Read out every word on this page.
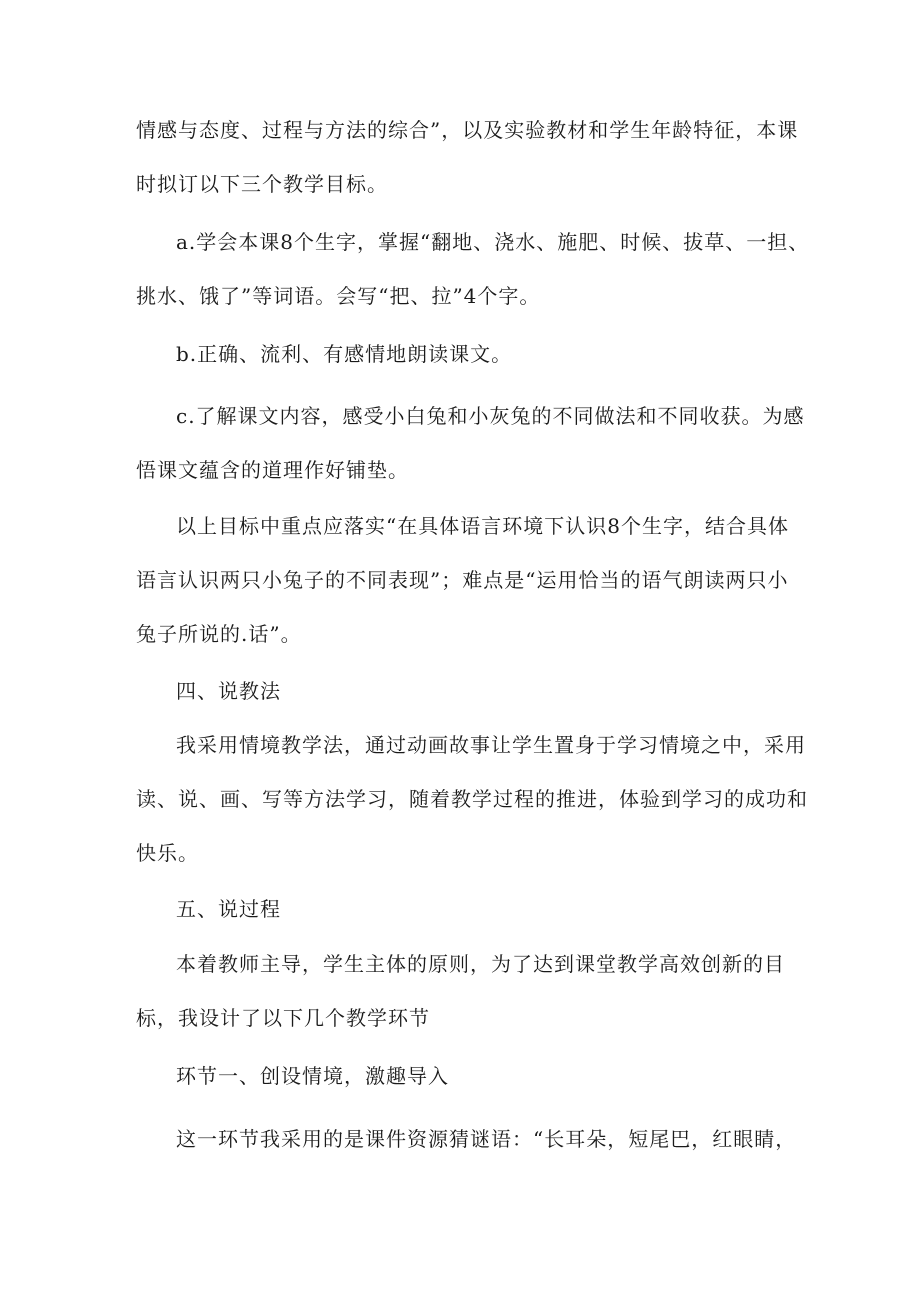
情感与态度、过程与方法的综合”，以及实验教材和学生年龄特征，本课
时拟订以下三个教学目标。
a.学会本课8个生字，掌握“翻地、浇水、施肥、时候、拔草、一担、
挑水、饿了”等词语。会写“把、拉”4个字。
b.正确、流利、有感情地朗读课文。
c.了解课文内容，感受小白兔和小灰兔的不同做法和不同收获。为感
悟课文蕴含的道理作好铺垫。
以上目标中重点应落实“在具体语言环境下认识8个生字，结合具体
语言认识两只小兔子的不同表现”；难点是“运用恰当的语气朗读两只小
兔子所说的.话”。
四、说教法
我采用情境教学法，通过动画故事让学生置身于学习情境之中，采用
读、说、画、写等方法学习，随着教学过程的推进，体验到学习的成功和
快乐。
五、说过程
本着教师主导，学生主体的原则，为了达到课堂教学高效创新的目
标，我设计了以下几个教学环节
环节一、创设情境，激趣导入
这一环节我采用的是课件资源猜谜语：“长耳朵，短尾巴，红眼睛，
